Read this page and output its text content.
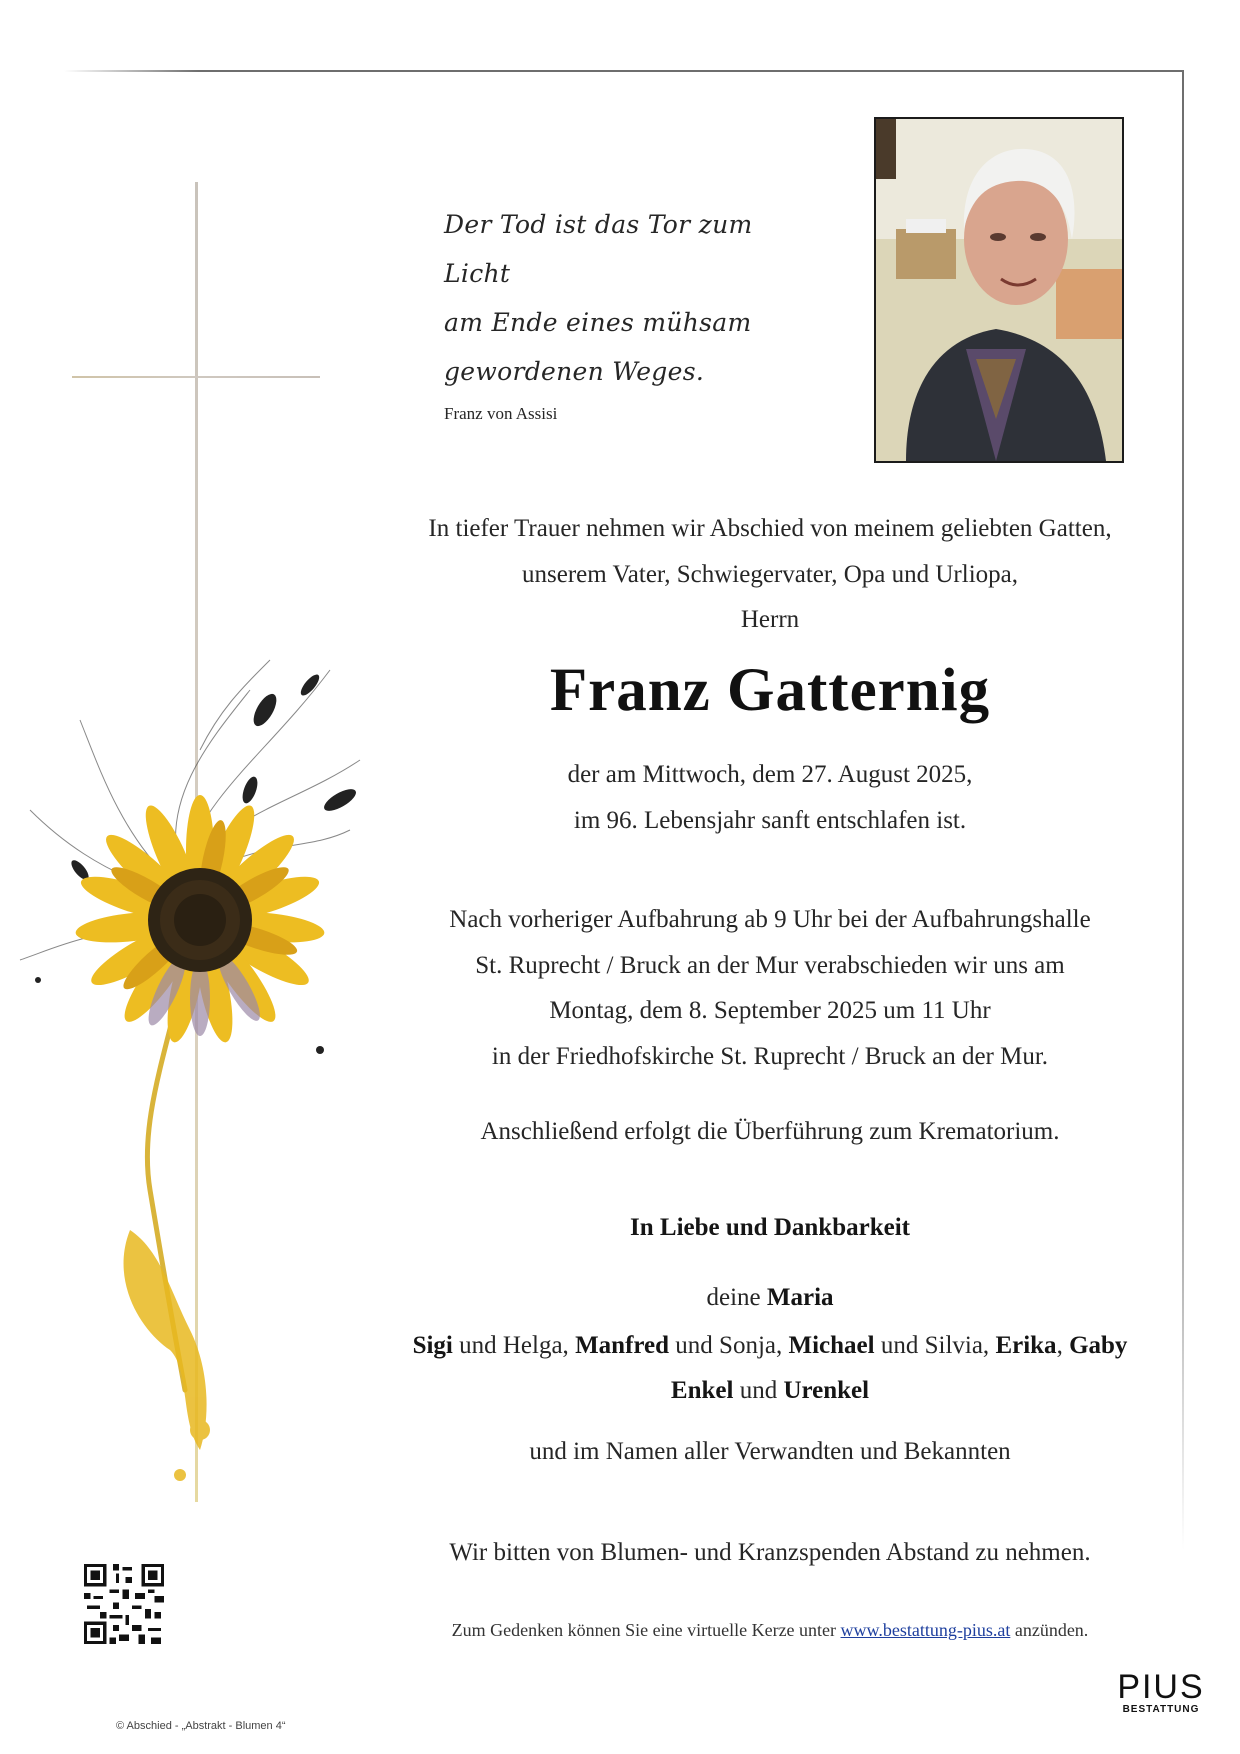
Der Tod ist das Tor zum Licht
am Ende eines mühsam
gewordenen Weges.
Franz von Assisi
In tiefer Trauer nehmen wir Abschied von meinem geliebten Gatten,
unserem Vater, Schwiegervater, Opa und Urliopa,
Herrn
Franz Gatternig
der am Mittwoch, dem 27. August 2025,
im 96. Lebensjahr sanft entschlafen ist.
Nach vorheriger Aufbahrung ab 9 Uhr bei der Aufbahrungshalle
St. Ruprecht / Bruck an der Mur verabschieden wir uns am
Montag, dem 8. September 2025 um 11 Uhr
in der Friedhofskirche St. Ruprecht / Bruck an der Mur.
Anschließend erfolgt die Überführung zum Krematorium.
In Liebe und Dankbarkeit
deine Maria
Sigi und Helga, Manfred und Sonja, Michael und Silvia, Erika, Gaby
Enkel und Urenkel
und im Namen aller Verwandten und Bekannten
Wir bitten von Blumen- und Kranzspenden Abstand zu nehmen.
Zum Gedenken können Sie eine virtuelle Kerze unter www.bestattung-pius.at anzünden.
PIUS
BESTATTUNG
© Abschied - „Abstrakt - Blumen 4“
